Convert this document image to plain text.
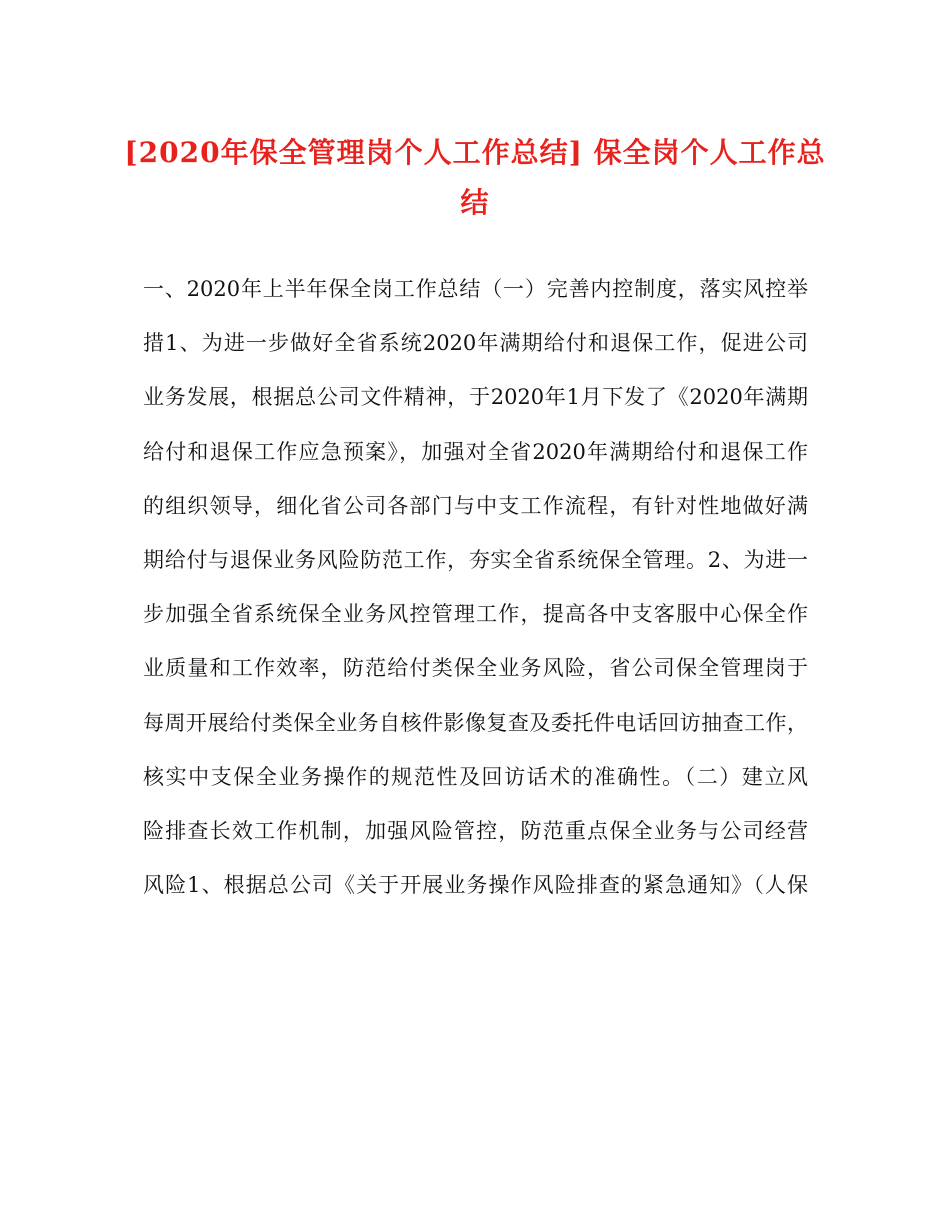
[2020年保全管理岗个人工作总结] 保全岗个人工作总结
一、2020年上半年保全岗工作总结（一）完善内控制度，落实风控举
措1、为进一步做好全省系统2020年满期给付和退保工作，促进公司
业务发展，根据总公司文件精神，于2020年1月下发了《2020年满期
给付和退保工作应急预案》，加强对全省2020年满期给付和退保工作
的组织领导，细化省公司各部门与中支工作流程，有针对性地做好满
期给付与退保业务风险防范工作，夯实全省系统保全管理。2、为进一
步加强全省系统保全业务风控管理工作，提高各中支客服中心保全作
业质量和工作效率，防范给付类保全业务风险，省公司保全管理岗于
每周开展给付类保全业务自核件影像复查及委托件电话回访抽查工作，
核实中支保全业务操作的规范性及回访话术的准确性。（二）建立风
险排查长效工作机制，加强风险管控，防范重点保全业务与公司经营
风险1、根据总公司《关于开展业务操作风险排查的紧急通知》（人保
